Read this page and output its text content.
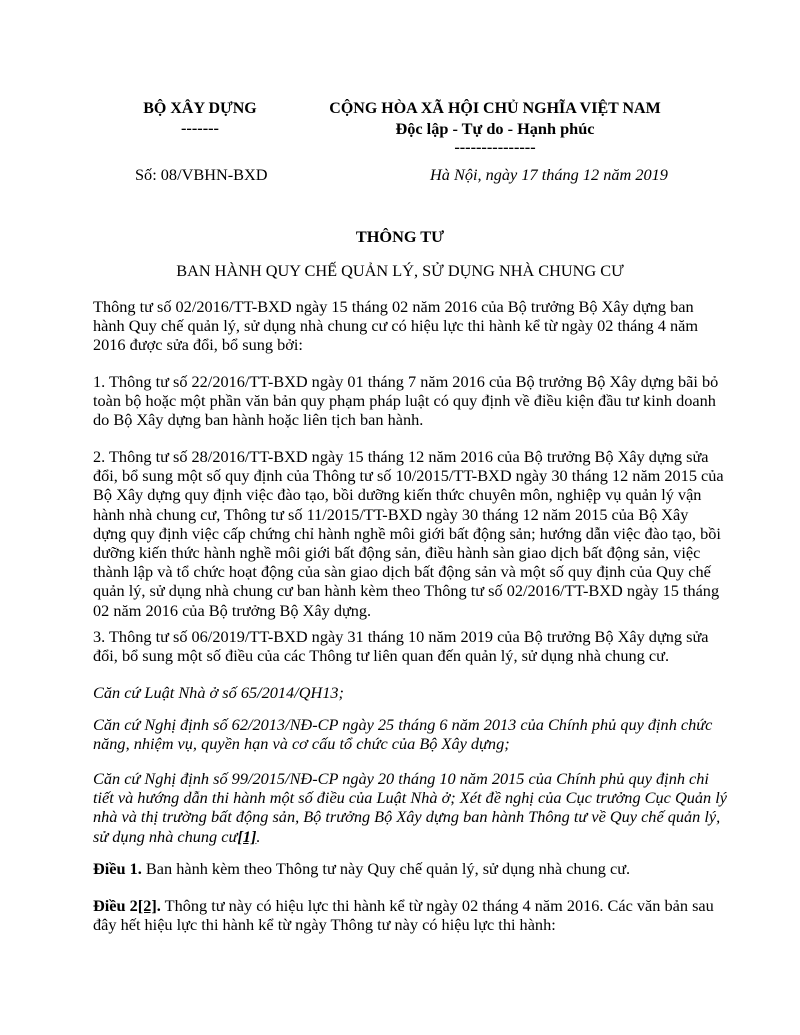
BỘ XÂY DỰNG
-------
CỘNG HÒA XÃ HỘI CHỦ NGHĨA VIỆT NAM
Độc lập - Tự do - Hạnh phúc
---------------
Số: 08/VBHN-BXD	Hà Nội, ngày 17 tháng 12 năm 2019
THÔNG TƯ
BAN HÀNH QUY CHẾ QUẢN LÝ, SỬ DỤNG NHÀ CHUNG CƯ
Thông tư số 02/2016/TT-BXD ngày 15 tháng 02 năm 2016 của Bộ trưởng Bộ Xây dựng ban
hành Quy chế quản lý, sử dụng nhà chung cư có hiệu lực thi hành kể từ ngày 02 tháng 4 năm
2016 được sửa đổi, bổ sung bởi:
1. Thông tư số 22/2016/TT-BXD ngày 01 tháng 7 năm 2016 của Bộ trưởng Bộ Xây dựng bãi bỏ
toàn bộ hoặc một phần văn bản quy phạm pháp luật có quy định về điều kiện đầu tư kinh doanh
do Bộ Xây dựng ban hành hoặc liên tịch ban hành.
2. Thông tư số 28/2016/TT-BXD ngày 15 tháng 12 năm 2016 của Bộ trưởng Bộ Xây dựng sửa
đổi, bổ sung một số quy định của Thông tư số 10/2015/TT-BXD ngày 30 tháng 12 năm 2015 của
Bộ Xây dựng quy định việc đào tạo, bồi dưỡng kiến thức chuyên môn, nghiệp vụ quản lý vận
hành nhà chung cư, Thông tư số 11/2015/TT-BXD ngày 30 tháng 12 năm 2015 của Bộ Xây
dựng quy định việc cấp chứng chỉ hành nghề môi giới bất động sản; hướng dẫn việc đào tạo, bồi
dưỡng kiến thức hành nghề môi giới bất động sản, điều hành sàn giao dịch bất động sản, việc
thành lập và tổ chức hoạt động của sàn giao dịch bất động sản và một số quy định của Quy chế
quản lý, sử dụng nhà chung cư ban hành kèm theo Thông tư số 02/2016/TT-BXD ngày 15 tháng
02 năm 2016 của Bộ trưởng Bộ Xây dựng.
3. Thông tư số 06/2019/TT-BXD ngày 31 tháng 10 năm 2019 của Bộ trưởng Bộ Xây dựng sửa
đổi, bổ sung một số điều của các Thông tư liên quan đến quản lý, sử dụng nhà chung cư.
Căn cứ Luật Nhà ở số 65/2014/QH13;
Căn cứ Nghị định số 62/2013/NĐ-CP ngày 25 tháng 6 năm 2013 của Chính phủ quy định chức
năng, nhiệm vụ, quyền hạn và cơ cấu tổ chức của Bộ Xây dựng;
Căn cứ Nghị định số 99/2015/NĐ-CP ngày 20 tháng 10 năm 2015 của Chính phủ quy định chi
tiết và hướng dẫn thi hành một số điều của Luật Nhà ở; Xét đề nghị của Cục trưởng Cục Quản lý
nhà và thị trường bất động sản, Bộ trưởng Bộ Xây dựng ban hành Thông tư về Quy chế quản lý,
sử dụng nhà chung cư[1].
Điều 1. Ban hành kèm theo Thông tư này Quy chế quản lý, sử dụng nhà chung cư.
Điều 2[2]. Thông tư này có hiệu lực thi hành kể từ ngày 02 tháng 4 năm 2016. Các văn bản sau
đây hết hiệu lực thi hành kể từ ngày Thông tư này có hiệu lực thi hành:
